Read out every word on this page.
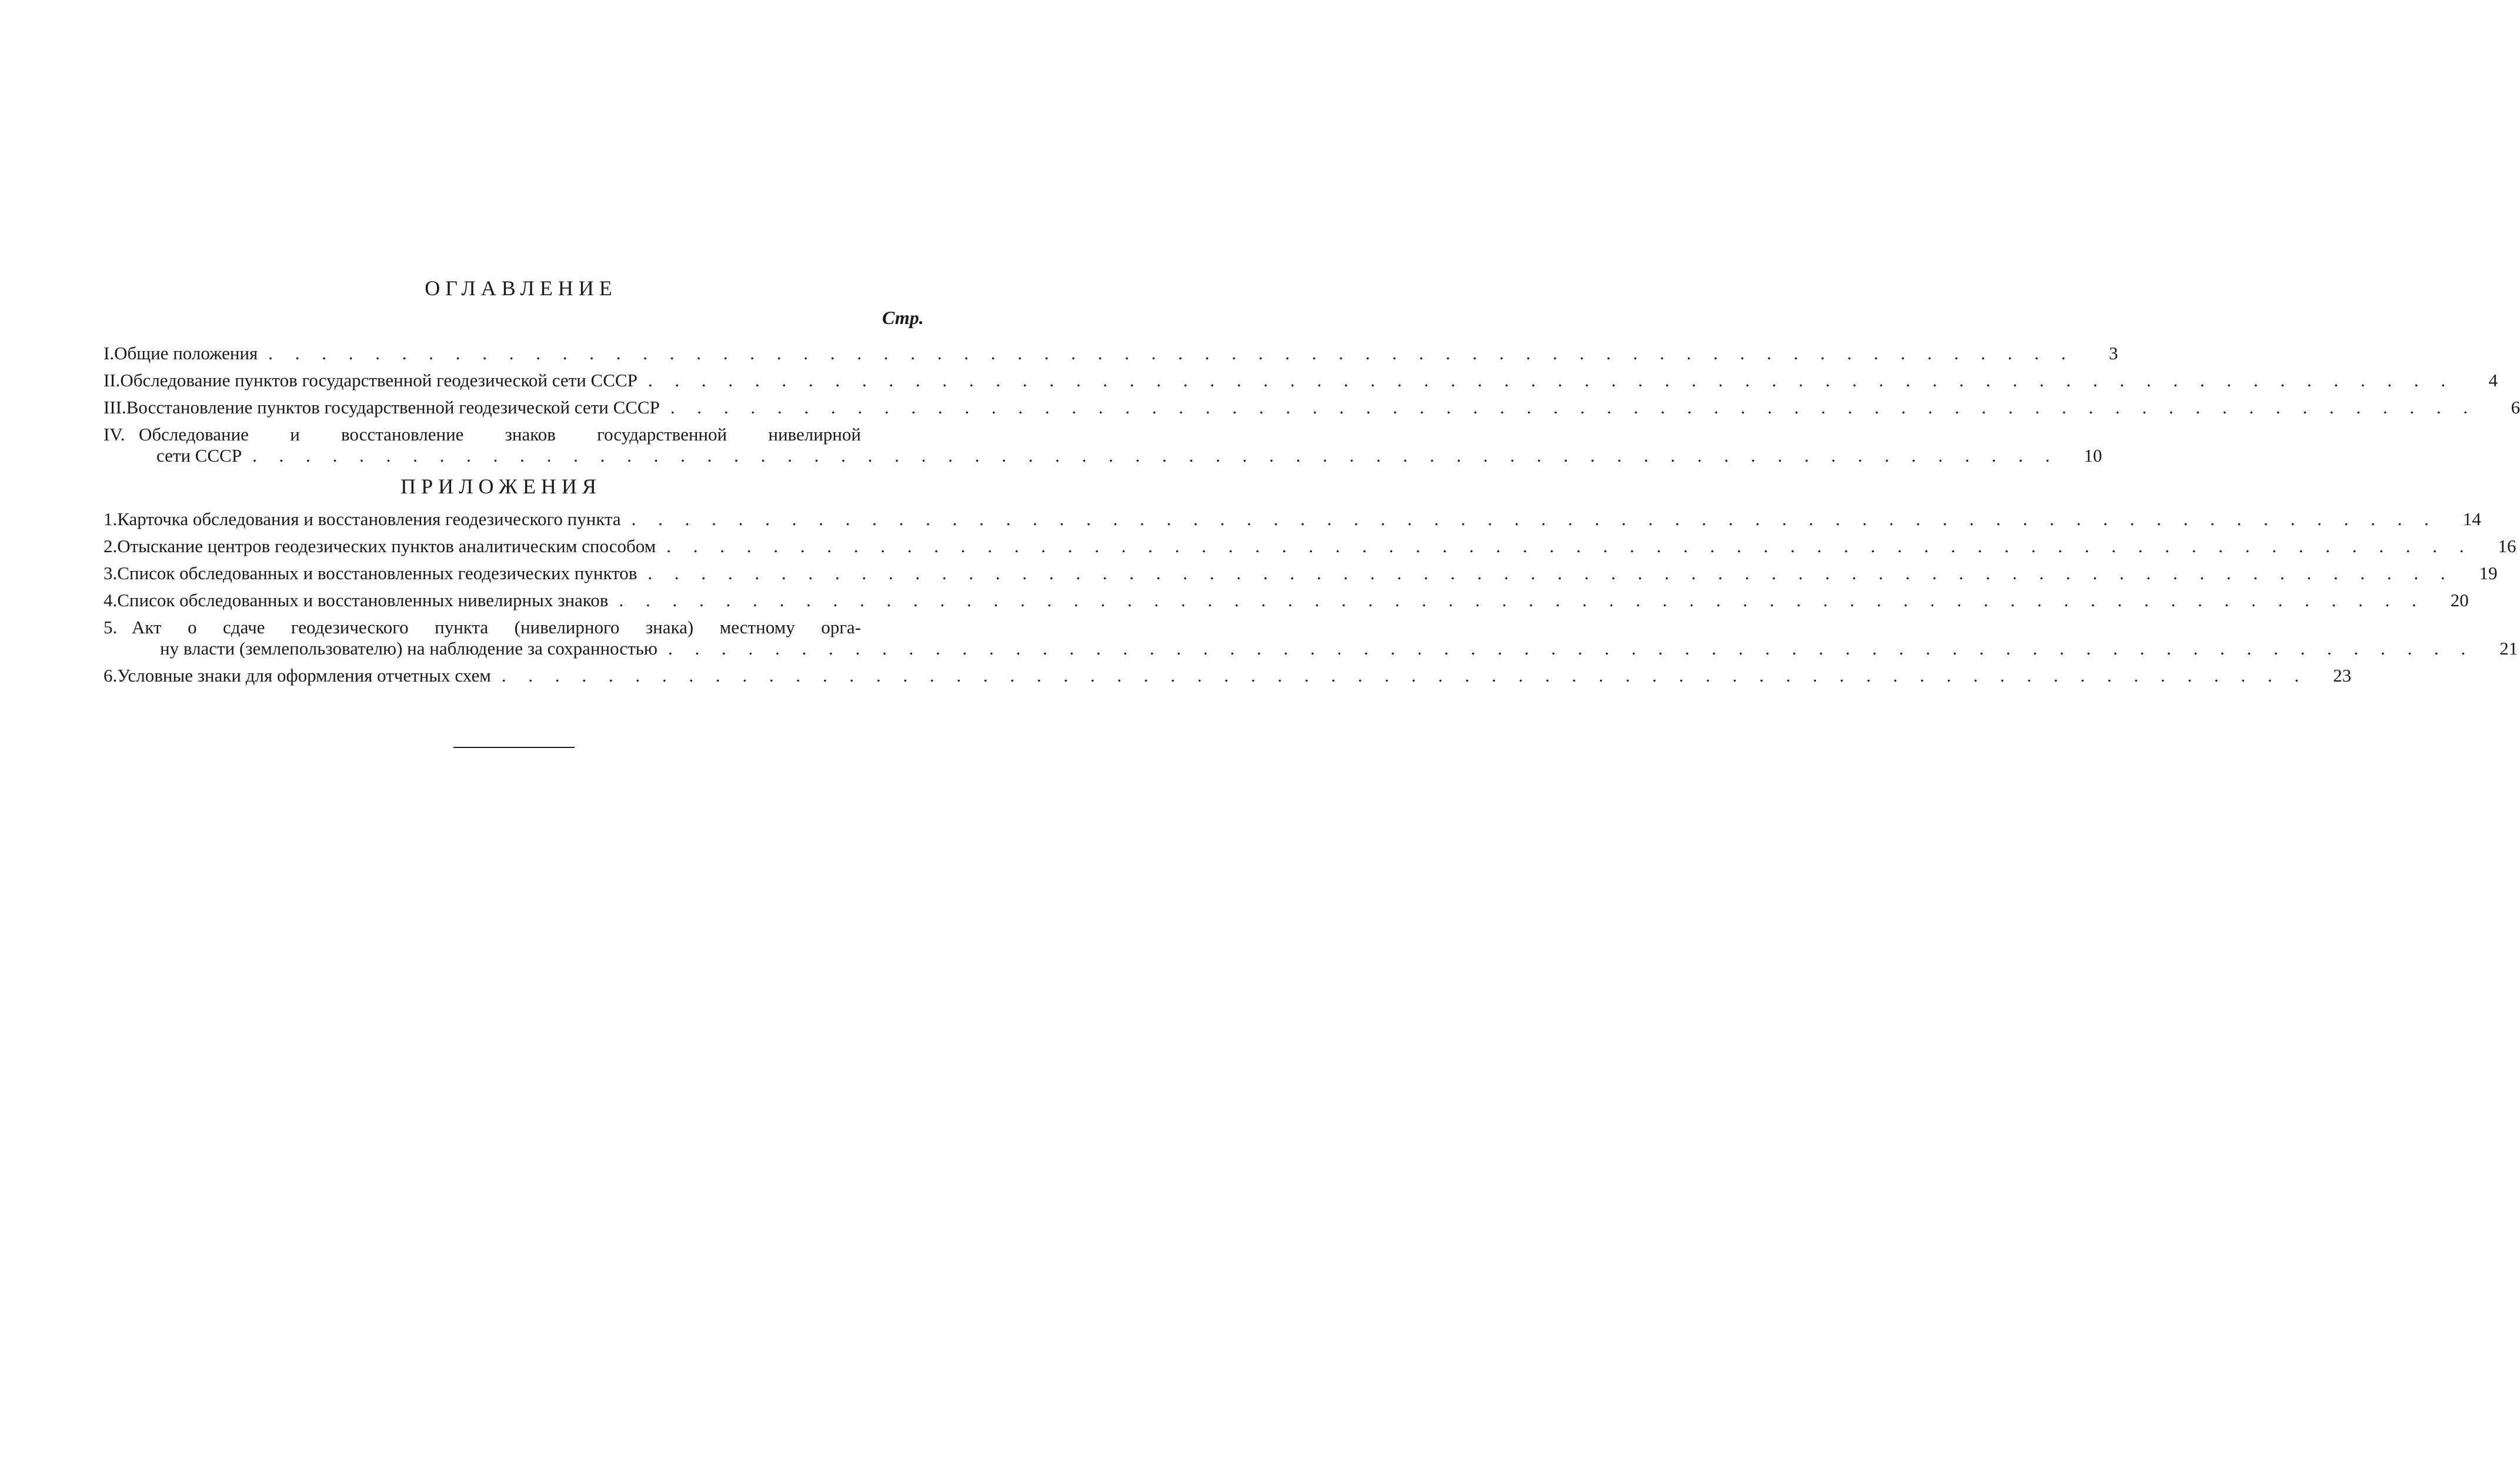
ОГЛАВЛЕНИЕ
Стр.
I. Общие положения . . .	3
II. Обследование пунктов государственной геодезической сети СССР . . .	4
III. Восстановление пунктов государственной геодезической сети СССР . . .	6
IV. Обследование и восстановление знаков государственной нивелирной
сети СССР . . .	10
ПРИЛОЖЕНИЯ
1. Карточка обследования и восстановления геодезического пункта . . .	14
2. Отыскание центров геодезических пунктов аналитическим способом . . .	16
3. Список обследованных и восстановленных геодезических пунктов . . .	19
4. Список обследованных и восстановленных нивелирных знаков . . .	20
5. Акт о сдаче геодезического пункта (нивелирного знака) местному орга-
ну власти (землепользователю) на наблюдение за сохранностью . . .	21
6. Условные знаки для оформления отчетных схем . . .	23
